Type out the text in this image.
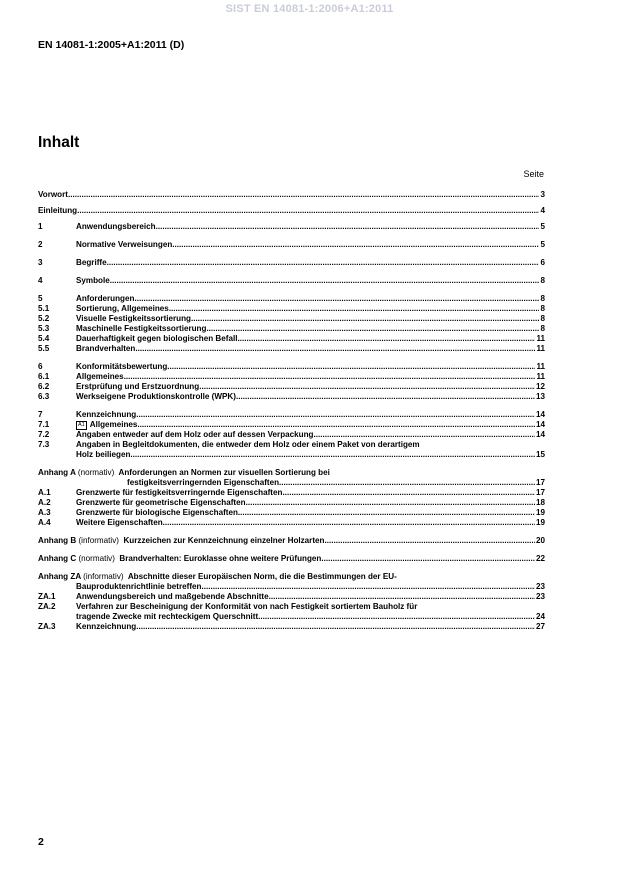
SIST EN 14081-1:2006+A1:2011
EN 14081-1:2005+A1:2011 (D)
Inhalt
Seite
Vorwort .....	3
Einleitung .....	4
1	Anwendungsbereich .....	5
2	Normative Verweisungen .....	5
3	Begriffe .....	6
4	Symbole .....	8
5	Anforderungen .....	8
5.1	Sortierung, Allgemeines .....	8
5.2	Visuelle Festigkeitssortierung .....	8
5.3	Maschinelle Festigkeitssortierung .....	8
5.4	Dauerhaftigkeit gegen biologischen Befall .....	11
5.5	Brandverhalten .....	11
6	Konformitätsbewertung .....	11
6.1	Allgemeines .....	11
6.2	Erstprüfung und Erstzuordnung .....	12
6.3	Werkseigene Produktionskontrolle (WPK) .....	13
7	Kennzeichnung .....	14
7.1	A1 Allgemeines .....	14
7.2	Angaben entweder auf dem Holz oder auf dessen Verpackung .....	14
7.3	Angaben in Begleitdokumenten, die entweder dem Holz oder einem Paket von derartigem
Holz beiliegen .....	15
Anhang A (normativ) Anforderungen an Normen zur visuellen Sortierung bei
festigkeitsverringernden Eigenschaften .....	17
A.1	Grenzwerte für festigkeitsverringernde Eigenschaften .....	17
A.2	Grenzwerte für geometrische Eigenschaften .....	18
A.3	Grenzwerte für biologische Eigenschaften .....	19
A.4	Weitere Eigenschaften .....	19
Anhang B (informativ) Kurzzeichen zur Kennzeichnung einzelner Holzarten .....	20
Anhang C (normativ) Brandverhalten: Euroklasse ohne weitere Prüfungen .....	22
Anhang ZA (informativ) Abschnitte dieser Europäischen Norm, die die Bestimmungen der EU-
Bauproduktenrichtlinie betreffen .....	23
ZA.1	Anwendungsbereich und maßgebende Abschnitte .....	23
ZA.2	Verfahren zur Bescheinigung der Konformität von nach Festigkeit sortiertem Bauholz für
tragende Zwecke mit rechteckigem Querschnitt .....	24
ZA.3	Kennzeichnung .....	27
2
